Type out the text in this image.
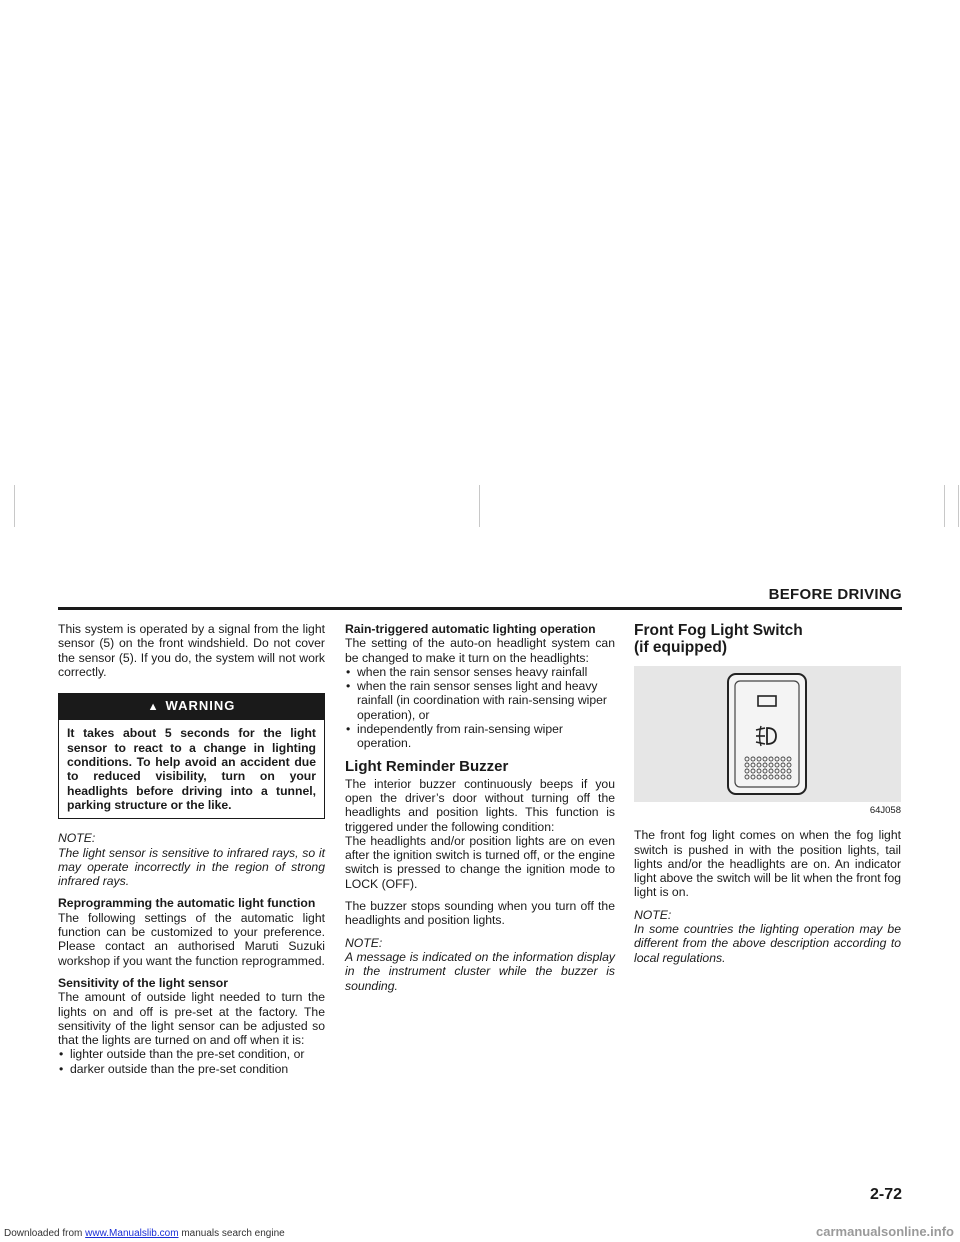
BEFORE DRIVING

This system is operated by a signal from the light sensor (5) on the front windshield. Do not cover the sensor (5). If you do, the system will not work correctly.

▲ WARNING
It takes about 5 seconds for the light sensor to react to a change in lighting conditions. To help avoid an accident due to reduced visibility, turn on your headlights before driving into a tunnel, parking structure or the like.
NOTE:

The light sensor is sensitive to infrared rays, so it may operate incorrectly in the region of strong infrared rays.

Reprogramming the automatic light function

The following settings of the automatic light function can be customized to your preference. Please contact an authorised Maruti Suzuki workshop if you want the function reprogrammed.

Sensitivity of the light sensor

The amount of outside light needed to turn the lights on and off is pre-set at the factory. The sensitivity of the light sensor can be adjusted so that the lights are turned on and off when it is:

• lighter outside than the pre-set condition, or
• darker outside than the pre-set condition
Rain-triggered automatic lighting operation

The setting of the auto-on headlight system can be changed to make it turn on the headlights:

• when the rain sensor senses heavy rainfall
• when the rain sensor senses light and heavy rainfall (in coordination with rain-sensing wiper operation), or
• independently from rain-sensing wiper operation.
Light Reminder Buzzer

The interior buzzer continuously beeps if you open the driver’s door without turning off the headlights and position lights. This function is triggered under the following condition:

The headlights and/or position lights are on even after the ignition switch is turned off, or the engine switch is pressed to change the ignition mode to LOCK (OFF).

The buzzer stops sounding when you turn off the headlights and position lights.

NOTE:

A message is indicated on the information display in the instrument cluster while the buzzer is sounding.

Front Fog Light Switch
(if equipped)
64J058

The front fog light comes on when the fog light switch is pushed in with the position lights, tail lights and/or the headlights are on. An indicator light above the switch will be lit when the front fog light is on.

NOTE:

In some countries the lighting operation may be different from the above description according to local regulations.

2-72
Downloaded from www.Manualslib.com manuals search engine	carmanualsonline.info
